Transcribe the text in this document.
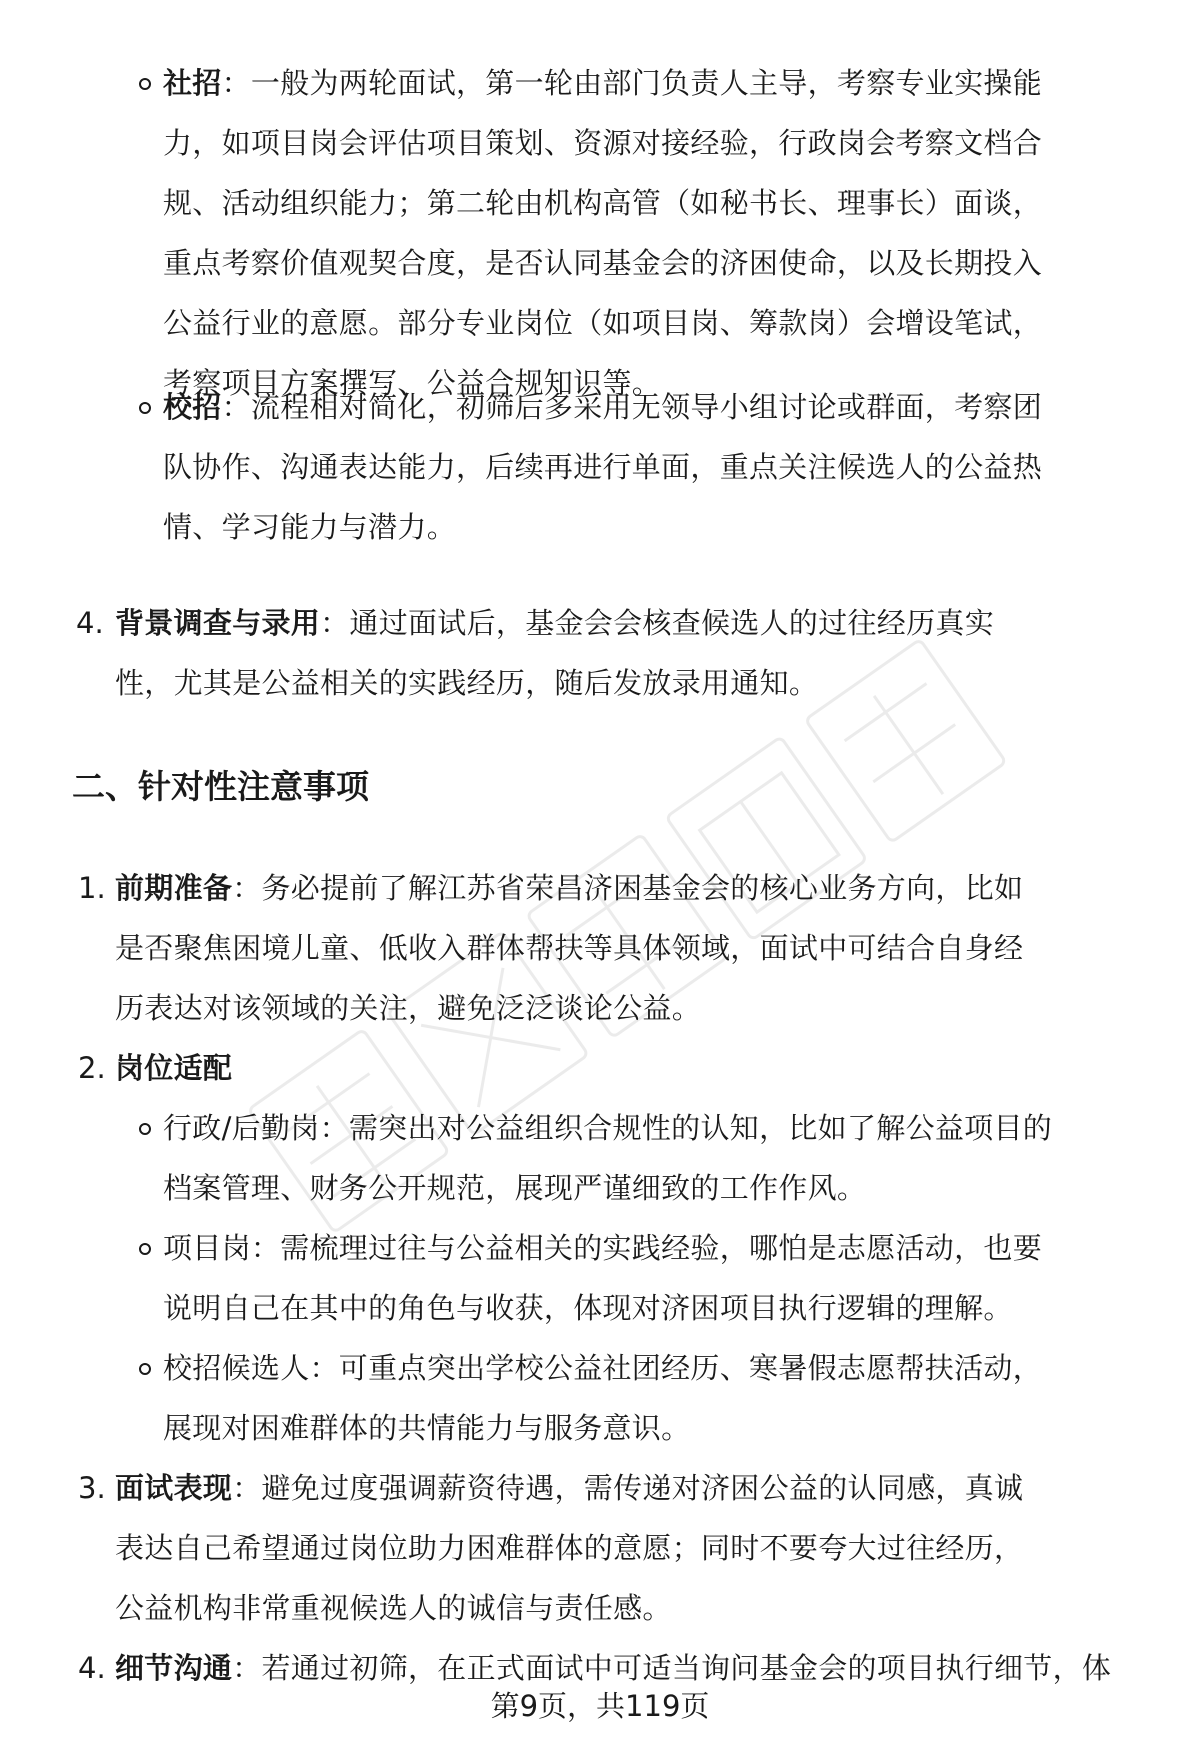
社招：一般为两轮面试，第一轮由部门负责人主导，考察专业实操能力，如项目岗会评估项目策划、资源对接经验，行政岗会考察文档合规、活动组织能力；第二轮由机构高管（如秘书长、理事长）面谈，重点考察价值观契合度，是否认同基金会的济困使命，以及长期投入公益行业的意愿。部分专业岗位（如项目岗、筹款岗）会增设笔试，考察项目方案撰写、公益合规知识等。
校招：流程相对简化，初筛后多采用无领导小组讨论或群面，考察团队协作、沟通表达能力，后续再进行单面，重点关注候选人的公益热情、学习能力与潜力。
4. 背景调查与录用：通过面试后，基金会会核查候选人的过往经历真实性，尤其是公益相关的实践经历，随后发放录用通知。
二、针对性注意事项
1. 前期准备：务必提前了解江苏省荣昌济困基金会的核心业务方向，比如是否聚焦困境儿童、低收入群体帮扶等具体领域，面试中可结合自身经历表达对该领域的关注，避免泛泛谈论公益。
2. 岗位适配
行政/后勤岗：需突出对公益组织合规性的认知，比如了解公益项目的档案管理、财务公开规范，展现严谨细致的工作作风。
项目岗：需梳理过往与公益相关的实践经验，哪怕是志愿活动，也要说明自己在其中的角色与收获，体现对济困项目执行逻辑的理解。
校招候选人：可重点突出学校公益社团经历、寒暑假志愿帮扶活动，展现对困难群体的共情能力与服务意识。
3. 面试表现：避免过度强调薪资待遇，需传递对济困公益的认同感，真诚表达自己希望通过岗位助力困难群体的意愿；同时不要夸大过往经历，公益机构非常重视候选人的诚信与责任感。
4. 细节沟通：若通过初筛，在正式面试中可适当询问基金会的项目执行细节，体
第9页，共119页
